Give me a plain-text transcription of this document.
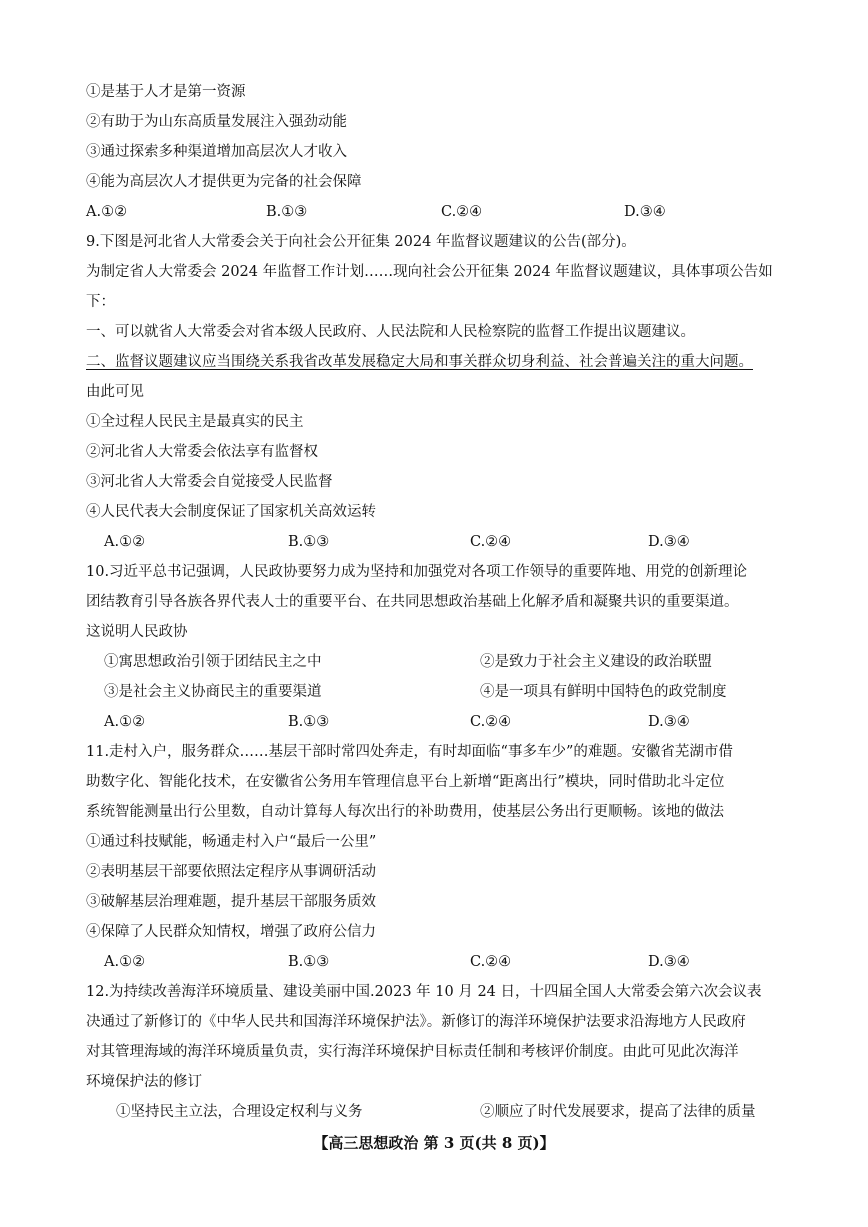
①是基于人才是第一资源
②有助于为山东高质量发展注入强劲动能
③通过探索多种渠道增加高层次人才收入
④能为高层次人才提供更为完备的社会保障
A.①②	B.①③	C.②④	D.③④
9.下图是河北省人大常委会关于向社会公开征集 2024 年监督议题建议的公告(部分)。
为制定省人大常委会 2024 年监督工作计划……现向社会公开征集 2024 年监督议题建议，具体事项公告如
下：
一、可以就省人大常委会对省本级人民政府、人民法院和人民检察院的监督工作提出议题建议。
二、监督议题建议应当围绕关系我省改革发展稳定大局和事关群众切身利益、社会普遍关注的重大问题。
由此可见
①全过程人民民主是最真实的民主
②河北省人大常委会依法享有监督权
③河北省人大常委会自觉接受人民监督
④人民代表大会制度保证了国家机关高效运转
A.①②	B.①③	C.②④	D.③④
10.习近平总书记强调，人民政协要努力成为坚持和加强党对各项工作领导的重要阵地、用党的创新理论
团结教育引导各族各界代表人士的重要平台、在共同思想政治基础上化解矛盾和凝聚共识的重要渠道。
这说明人民政协
①寓思想政治引领于团结民主之中	②是致力于社会主义建设的政治联盟
③是社会主义协商民主的重要渠道	④是一项具有鲜明中国特色的政党制度
A.①②	B.①③	C.②④	D.③④
11.走村入户，服务群众……基层干部时常四处奔走，有时却面临“事多车少”的难题。安徽省芜湖市借
助数字化、智能化技术，在安徽省公务用车管理信息平台上新增“距离出行”模块，同时借助北斗定位
系统智能测量出行公里数，自动计算每人每次出行的补助费用，使基层公务出行更顺畅。该地的做法
①通过科技赋能，畅通走村入户“最后一公里”
②表明基层干部要依照法定程序从事调研活动
③破解基层治理难题，提升基层干部服务质效
④保障了人民群众知情权，增强了政府公信力
A.①②	B.①③	C.②④	D.③④
12.为持续改善海洋环境质量、建设美丽中国.2023 年 10 月 24 日，十四届全国人大常委会第六次会议表
决通过了新修订的《中华人民共和国海洋环境保护法》。新修订的海洋环境保护法要求沿海地方人民政府
对其管理海域的海洋环境质量负责，实行海洋环境保护目标责任制和考核评价制度。由此可见此次海洋
环境保护法的修订
①坚持民主立法，合理设定权利与义务	②顺应了时代发展要求，提高了法律的质量
【高三思想政治 第 3 页(共 8 页)】
